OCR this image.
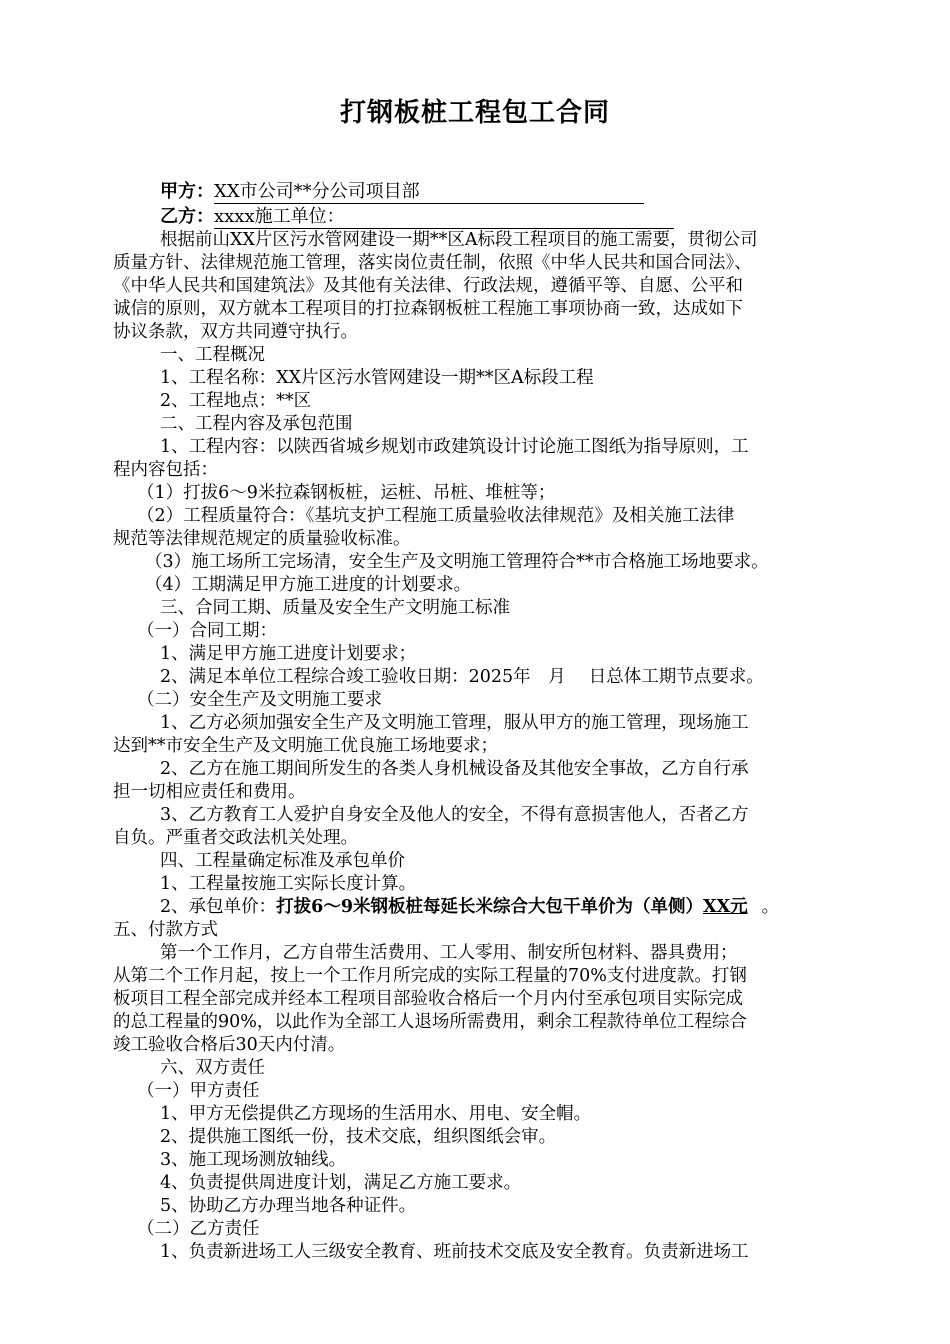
打钢板桩工程包工合同
甲方：XX市公司**分公司项目部
乙方：xxxx施工单位：
根据前山XX片区污水管网建设一期**区A标段工程项目的施工需要，贯彻公司
质量方针、法律规范施工管理，落实岗位责任制，依照《中华人民共和国合同法》、
《中华人民共和国建筑法》及其他有关法律、行政法规，遵循平等、自愿、公平和
诚信的原则，双方就本工程项目的打拉森钢板桩工程施工事项协商一致，达成如下
协议条款，双方共同遵守执行。
一、工程概况
1、工程名称：XX片区污水管网建设一期**区A标段工程
2、工程地点：**区
二、工程内容及承包范围
1、工程内容：以陕西省城乡规划市政建筑设计讨论施工图纸为指导原则，工
程内容包括：
（1）打拔6～9米拉森钢板桩，运桩、吊桩、堆桩等；
（2）工程质量符合：《基坑支护工程施工质量验收法律规范》及相关施工法律
规范等法律规范规定的质量验收标准。
（3）施工场所工完场清，安全生产及文明施工管理符合**市合格施工场地要求。
（4）工期满足甲方施工进度的计划要求。
三、合同工期、质量及安全生产文明施工标准
（一）合同工期：
1、满足甲方施工进度计划要求；
2、满足本单位工程综合竣工验收日期：2025年　月　 日总体工期节点要求。
（二）安全生产及文明施工要求
1、乙方必须加强安全生产及文明施工管理，服从甲方的施工管理，现场施工
达到**市安全生产及文明施工优良施工场地要求；
2、乙方在施工期间所发生的各类人身机械设备及其他安全事故，乙方自行承
担一切相应责任和费用。
3、乙方教育工人爱护自身安全及他人的安全，不得有意损害他人，否者乙方
自负。严重者交政法机关处理。
四、工程量确定标准及承包单价
1、工程量按施工实际长度计算。
2、承包单价：打拔6～9米钢板桩每延长米综合大包干单价为（单侧）XX元 。
五、付款方式
第一个工作月，乙方自带生活费用、工人零用、制安所包材料、器具费用；
从第二个工作月起，按上一个工作月所完成的实际工程量的70%支付进度款。打钢
板项目工程全部完成并经本工程项目部验收合格后一个月内付至承包项目实际完成
的总工程量的90%，以此作为全部工人退场所需费用，剩余工程款待单位工程综合
竣工验收合格后30天内付清。
六、双方责任
（一）甲方责任
1、甲方无偿提供乙方现场的生活用水、用电、安全帽。
2、提供施工图纸一份，技术交底，组织图纸会审。
3、施工现场测放轴线。
4、负责提供周进度计划，满足乙方施工要求。
5、协助乙方办理当地各种证件。
（二）乙方责任
1、负责新进场工人三级安全教育、班前技术交底及安全教育。负责新进场工
